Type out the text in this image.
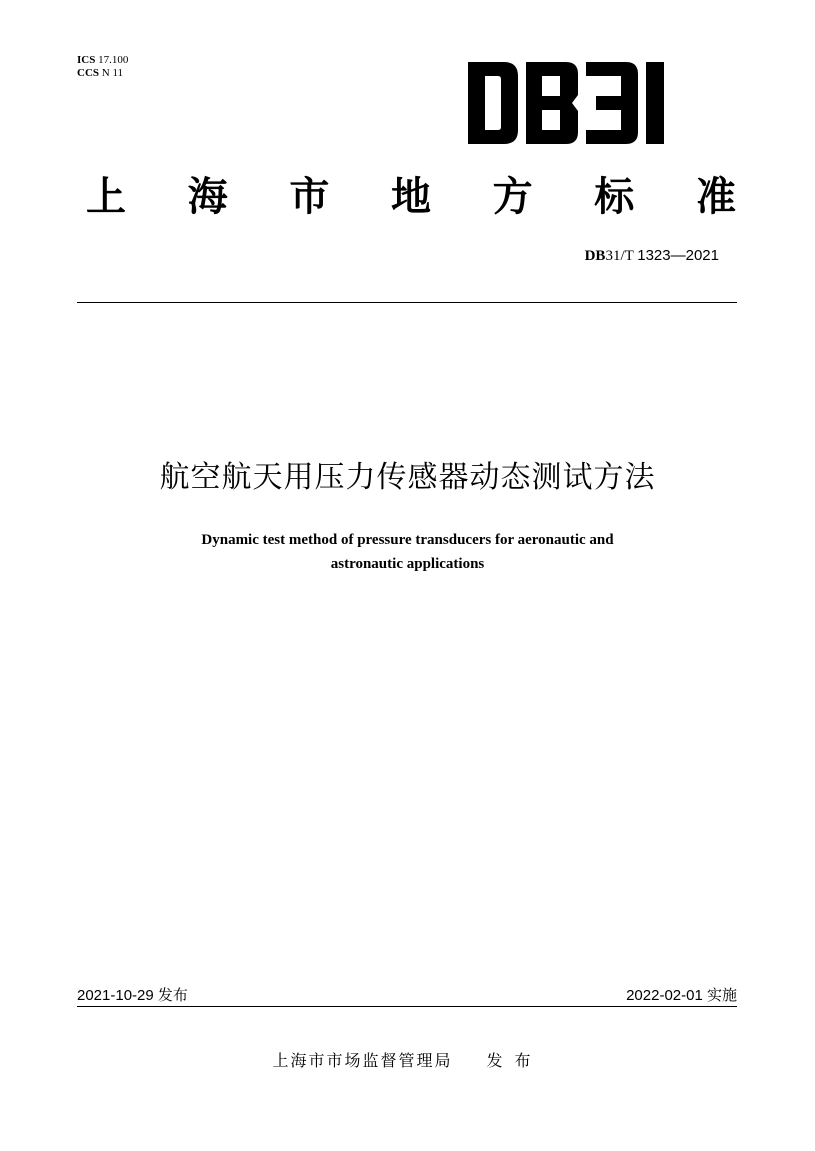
ICS 17.100
CCS N 11
上 海 市 地 方 标 准
DB31/T 1323—2021
航空航天用压力传感器动态测试方法
Dynamic test method of pressure transducers for aeronautic and
astronautic applications
2021-10-29 发布	2022-02-01 实施
上海市市场监督管理局 发布
